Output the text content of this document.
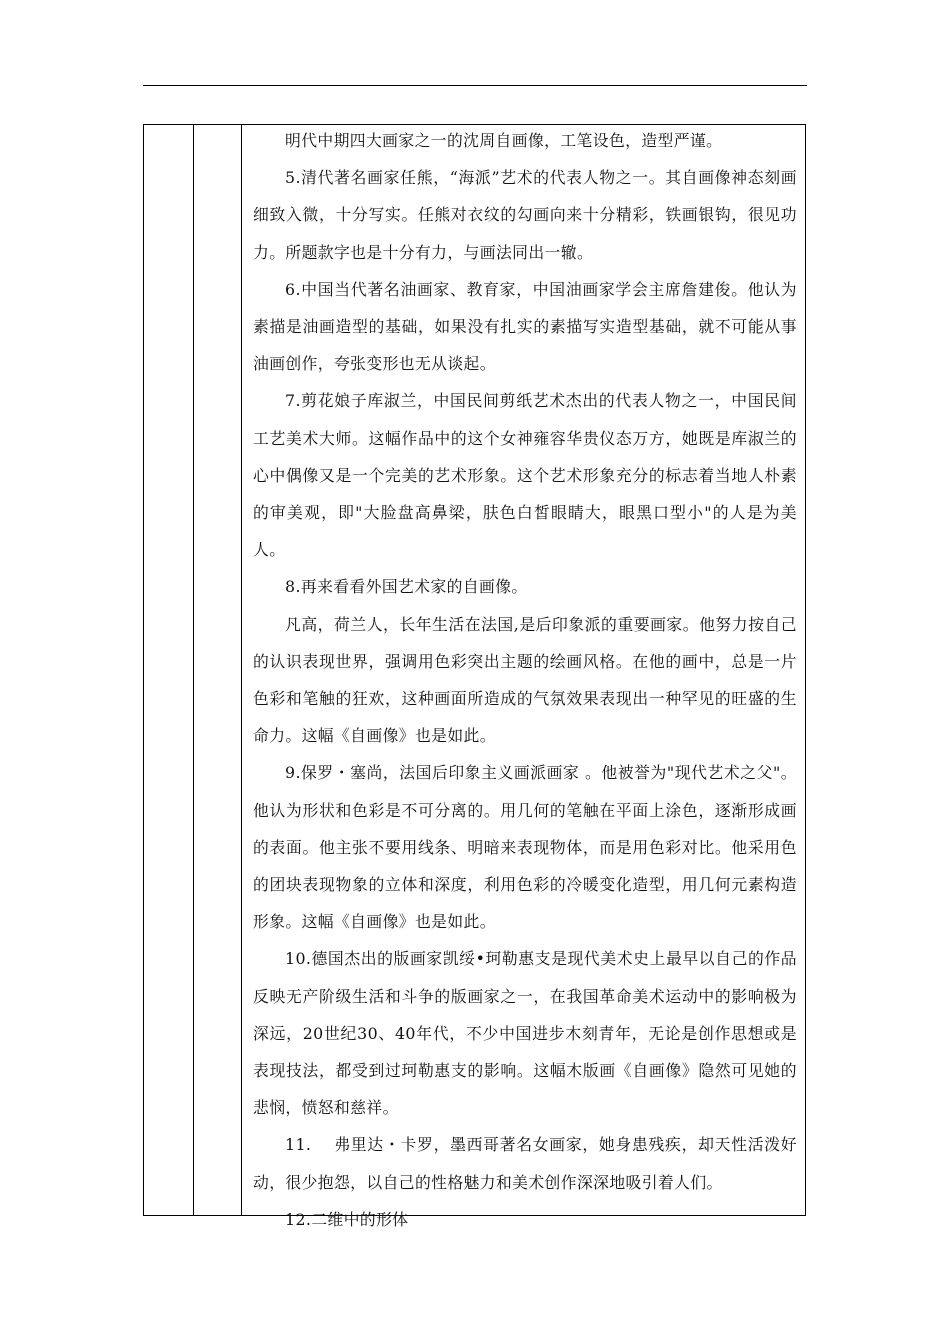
明代中期四大画家之一的沈周自画像，工笔设色，造型严谨。

5.清代著名画家任熊，“海派”艺术的代表人物之一。其自画像神态刻画细致入微，十分写实。任熊对衣纹的勾画向来十分精彩，铁画银钩，很见功力。所题款字也是十分有力，与画法同出一辙。

6.中国当代著名油画家、教育家，中国油画家学会主席詹建俊。他认为素描是油画造型的基础，如果没有扎实的素描写实造型基础，就不可能从事油画创作，夸张变形也无从谈起。

7.剪花娘子库淑兰，中国民间剪纸艺术杰出的代表人物之一，中国民间工艺美术大师。这幅作品中的这个女神雍容华贵仪态万方，她既是库淑兰的心中偶像又是一个完美的艺术形象。这个艺术形象充分的标志着当地人朴素的审美观，即"大脸盘高鼻梁，肤色白皙眼睛大，眼黑口型小"的人是为美人。

8.再来看看外国艺术家的自画像。

凡高，荷兰人，长年生活在法国,是后印象派的重要画家。他努力按自己的认识表现世界，强调用色彩突出主题的绘画风格。在他的画中，总是一片色彩和笔触的狂欢，这种画面所造成的气氛效果表现出一种罕见的旺盛的生命力。这幅《自画像》也是如此。

9.保罗・塞尚，法国后印象主义画派画家 。他被誉为"现代艺术之父"。他认为形状和色彩是不可分离的。用几何的笔触在平面上涂色，逐渐形成画的表面。他主张不要用线条、明暗来表现物体，而是用色彩对比。他采用色的团块表现物象的立体和深度，利用色彩的冷暖变化造型，用几何元素构造形象。这幅《自画像》也是如此。

10.德国杰出的版画家凯绥•珂勒惠支是现代美术史上最早以自己的作品反映无产阶级生活和斗争的版画家之一，在我国革命美术运动中的影响极为深远，20世纪30、40年代，不少中国进步木刻青年，无论是创作思想或是表现技法，都受到过珂勒惠支的影响。这幅木版画《自画像》隐然可见她的悲悯，愤怒和慈祥。

11.    弗里达・卡罗，墨西哥著名女画家，她身患残疾，却天性活泼好动，很少抱怨，以自己的性格魅力和美术创作深深地吸引着人们。

12.二维中的形体
